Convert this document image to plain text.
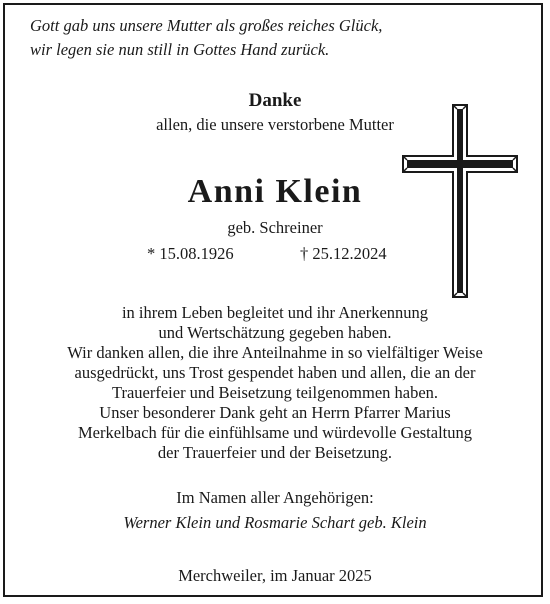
Gott gab uns unsere Mutter als großes reiches Glück,
wir legen sie nun still in Gottes Hand zurück.
Danke
allen, die unsere verstorbene Mutter
Anni Klein
geb. Schreiner
* 15.08.1926	† 25.12.2024
in ihrem Leben begleitet und ihr Anerkennung
und Wertschätzung gegeben haben.
Wir danken allen, die ihre Anteilnahme in so vielfältiger Weise
ausgedrückt, uns Trost gespendet haben und allen, die an der
Trauerfeier und Beisetzung teilgenommen haben.
Unser besonderer Dank geht an Herrn Pfarrer Marius
Merkelbach für die einfühlsame und würdevolle Gestaltung
der Trauerfeier und der Beisetzung.
Im Namen aller Angehörigen:
Werner Klein und Rosmarie Schart geb. Klein
Merchweiler, im Januar 2025
